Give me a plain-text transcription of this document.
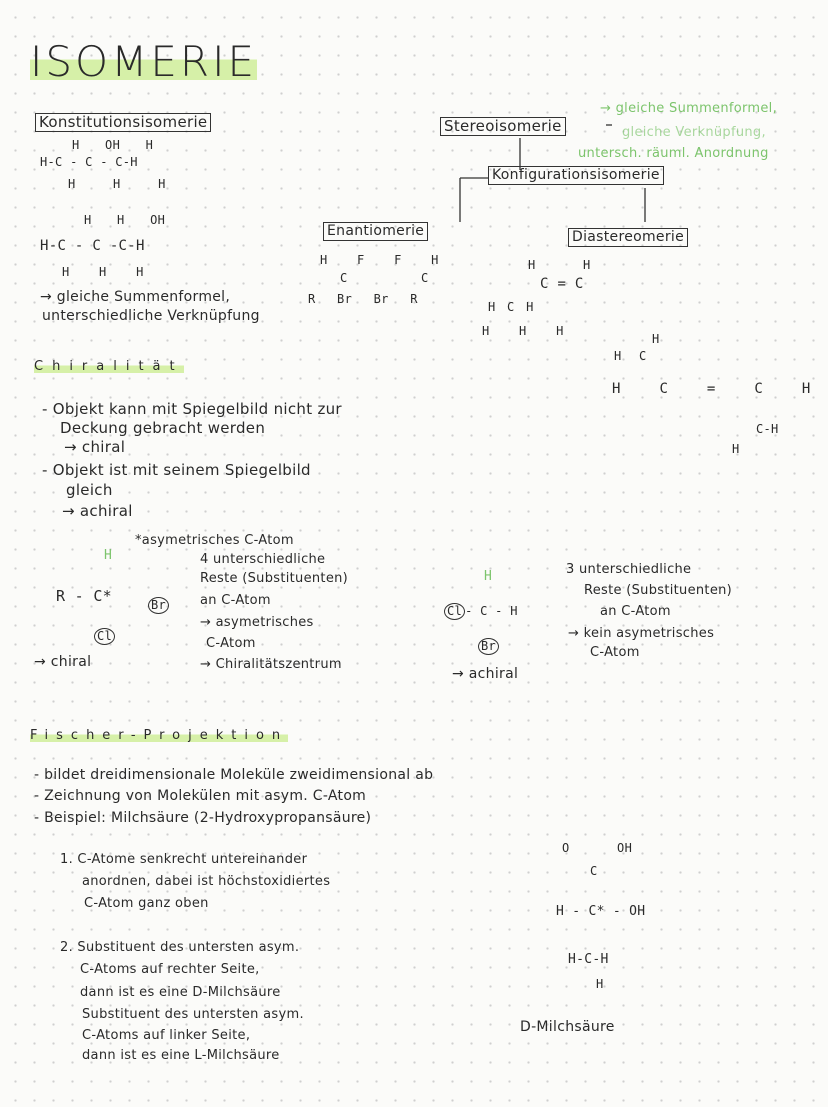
ISOMERIE
Konstitutionsisomerie
H OH H
H-C - C - C-H
H H H
H H OH
H-C - C -C-H
H H H
→ gleiche Summenformel,
unterschiedliche Verknüpfung
Stereoisomerie
→ gleiche Summenformel,
gleiche Verknüpfung,
untersch. räuml. Anordnung
Konfigurationsisomerie
Enantiomerie	Diastereomerie
H F F H
C C
R Br Br R
H H
C = C
H C H
H H H
H
H C
H C = C H
C-H
H
Chiralität
- Objekt kann mit Spiegelbild nicht zur
Deckung gebracht werden
→ chiral
- Objekt ist mit seinem Spiegelbild
gleich
→ achiral
*asymetrisches C-Atom
H
R - C*	Br
Cl
→ chiral
4 unterschiedliche
Reste (Substituenten)
an C-Atom
→ asymetrisches
C-Atom
→ Chiralitätszentrum
H
Cl - C - H
Br
→ achiral
3 unterschiedliche
Reste (Substituenten)
an C-Atom
→ kein asymetrisches
C-Atom
Fischer-Projektion
- bildet dreidimensionale Moleküle zweidimensional ab
- Zeichnung von Molekülen mit asym. C-Atom
- Beispiel: Milchsäure (2-Hydroxypropansäure)
1. C-Atome senkrecht untereinander
anordnen, dabei ist höchstoxidiertes
C-Atom ganz oben
2. Substituent des untersten asym.
C-Atoms auf rechter Seite,
dann ist es eine D-Milchsäure
Substituent des untersten asym.
C-Atoms auf linker Seite,
dann ist es eine L-Milchsäure
O OH
C
H - C* - OH
H-C-H
H
D-Milchsäure
